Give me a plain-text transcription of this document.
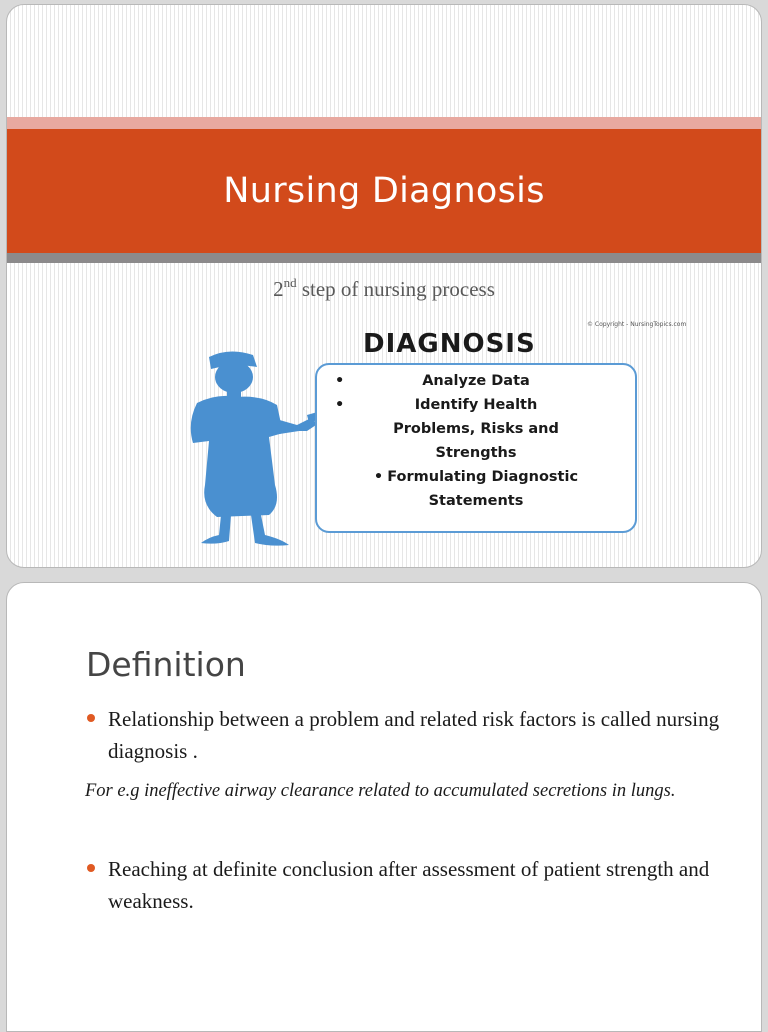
Nursing Diagnosis
2nd step of nursing process
© Copyright - NursingTopics.com

DIAGNOSIS

•	Analyze Data
•	Identify Health
Problems, Risks and
Strengths
• Formulating Diagnostic
Statements
Definition

Relationship between a problem and related risk factors is called nursing diagnosis .

For e.g ineffective airway clearance related to accumulated secretions in lungs.

Reaching at definite conclusion after assessment of patient strength and weakness.
